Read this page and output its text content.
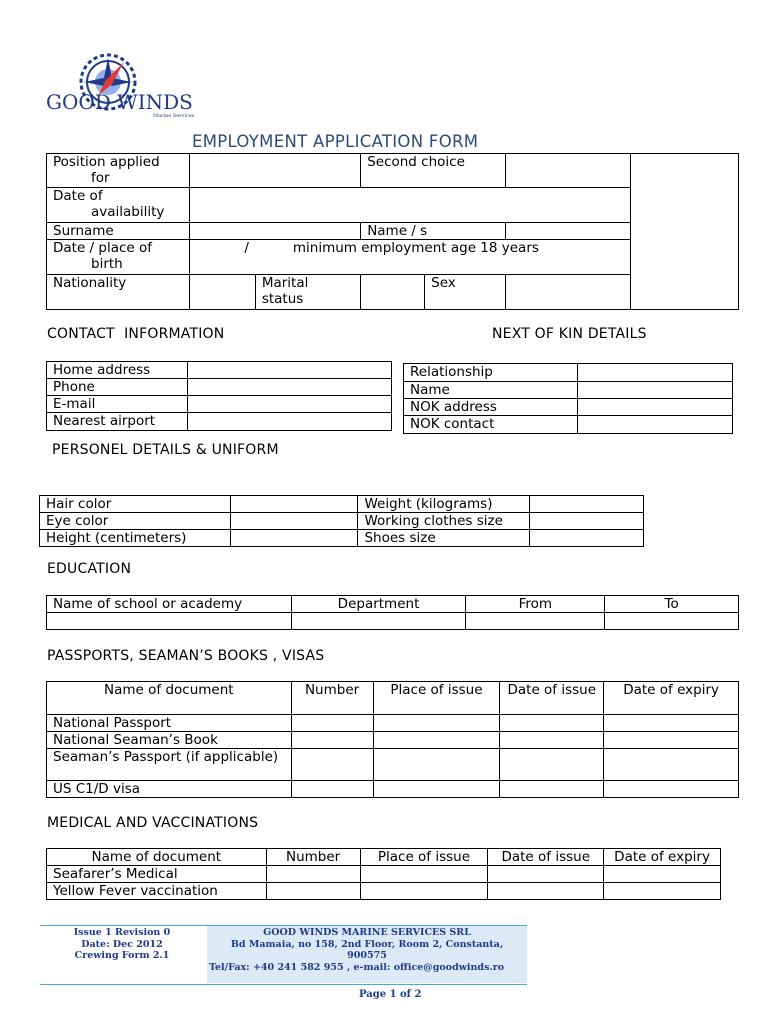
GOOD WINDS
Marine Services
EMPLOYMENT APPLICATION FORM
Position applied
for			Second choice			
Date of
availability						
Surname			Name / s			
Date / place of
birth	/ minimum employment age 18 years					
Nationality		Marital
status		Sex		
CONTACT  INFORMATION	NEXT OF KIN DETAILS
Home address	
Phone	
E-mail	
Nearest airport	
Relationship	
Name	
NOK address	
NOK contact	
PERSONEL DETAILS & UNIFORM
Hair color		Weight (kilograms)	
Eye color		Working clothes size	
Height (centimeters)		Shoes size	
EDUCATION
Name of school or academy	Department	From	To

PASSPORTS, SEAMAN’S BOOKS , VISAS
Name of document	Number	Place of issue	Date of issue	Date of expiry
National Passport				
National Seaman’s Book				
Seaman’s Passport (if applicable)				
US C1/D visa				
MEDICAL AND VACCINATIONS
Name of document	Number	Place of issue	Date of issue	Date of expiry
Seafarer’s Medical				
Yellow Fever vaccination				
Issue 1 Revision 0
Date: Dec 2012
Crewing Form 2.1
GOOD WINDS MARINE SERVICES SRL
Bd Mamaia, no 158, 2nd Floor, Room 2, Constanta, 900575
Tel/Fax: +40 241 582 955 , e-mail: office@goodwinds.ro
Page 1 of 2
